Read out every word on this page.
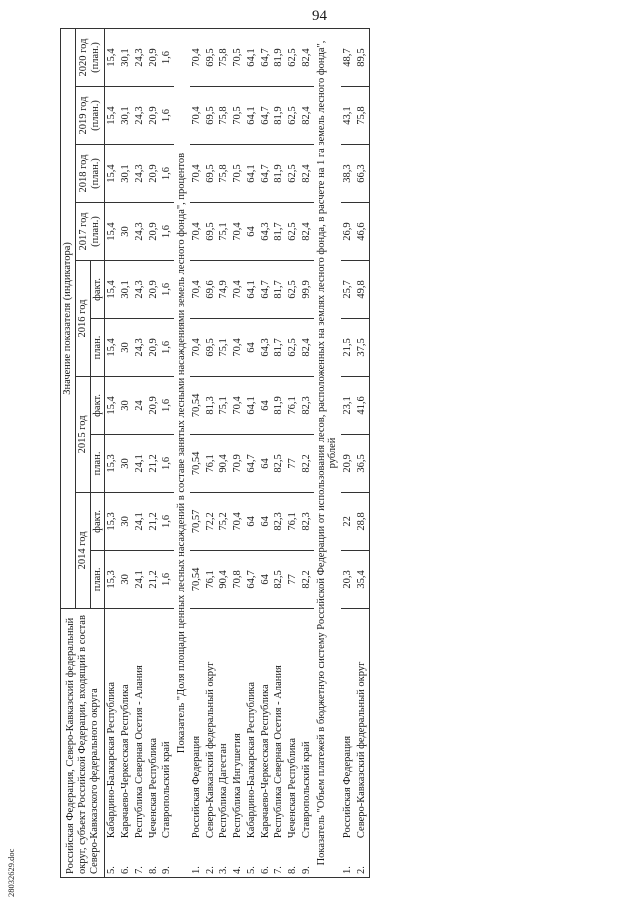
94
28032629.doc	Российская Федерация, Северо-Кавказский федеральный округ, субъект Российской Федерации, входящий в состав Северо-Кавказского федерального округа		Значение показателя (индикатора)									
		2014 год		2015 год		2016 год		2017 год (план.)	2018 год (план.)	2019 год (план.)	2020 год (план.)
		план.	факт.	план.	факт.	план.	факт.				
5.	Кабардино-Балкарская Республика	15,3	15,3	15,3	15,4	15,4	15,4	15,4	15,4	15,4	15,4
6.	Карачаево-Черкесская Республика	30	30	30	30	30	30,1	30	30,1	30,1	30,1
7.	Республика Северная Осетия - Алания	24,1	24,1	24,1	24	24,3	24,3	24,3	24,3	24,3	24,3
8.	Чеченская Республика	21,2	21,2	21,2	20,9	20,9	20,9	20,9	20,9	20,9	20,9
9.	Ставропольский край	1,6	1,6	1,6	1,6	1,6	1,6	1,6	1,6	1,6	1,6
Показатель "Доля площади ценных лесных насаждений в составе занятых лесными насаждениями земель лесного фонда", процентов											
1.	Российская Федерация	70,54	70,57	70,54	70,54	70,4	70,4	70,4	70,4	70,4	70,4
2.	Северо-Кавказский федеральный округ	76,1	72,2	76,1	81,3	69,5	69,6	69,5	69,5	69,5	69,5
3.	Республика Дагестан	90,4	75,2	90,4	75,1	75,1	74,9	75,1	75,8	75,8	75,8
4.	Республика Ингушетия	70,8	70,4	70,9	70,4	70,4	70,4	70,4	70,5	70,5	70,5
5.	Кабардино-Балкарская Республика	64,7	64	64,7	64,1	64	64,1	64	64,1	64,1	64,1
6.	Карачаево-Черкесская Республика	64	64	64	64	64,3	64,7	64,3	64,7	64,7	64,7
7.	Республика Северная Осетия - Алания	82,5	82,3	82,5	81,9	81,7	81,7	81,7	81,9	81,9	81,9
8.	Чеченская Республика	77	76,1	77	76,1	62,5	62,5	62,5	62,5	62,5	62,5
9.	Ставропольский край	82,2	82,3	82,2	82,3	82,4	99,9	82,4	82,4	82,4	82,4
Показатель "Объем платежей в бюджетную систему Российской Федерации от использования лесов, расположенных на землях лесного фонда, в расчете на 1 га земель лесного фонда", рублей											
1.	Российская Федерация	20,3	22	20,9	23,1	21,5	25,7	26,9	38,3	43,1	48,7
2.	Северо-Кавказский федеральный округ	35,4	28,8	36,5	41,6	37,5	49,8	46,6	66,3	75,8	89,5
